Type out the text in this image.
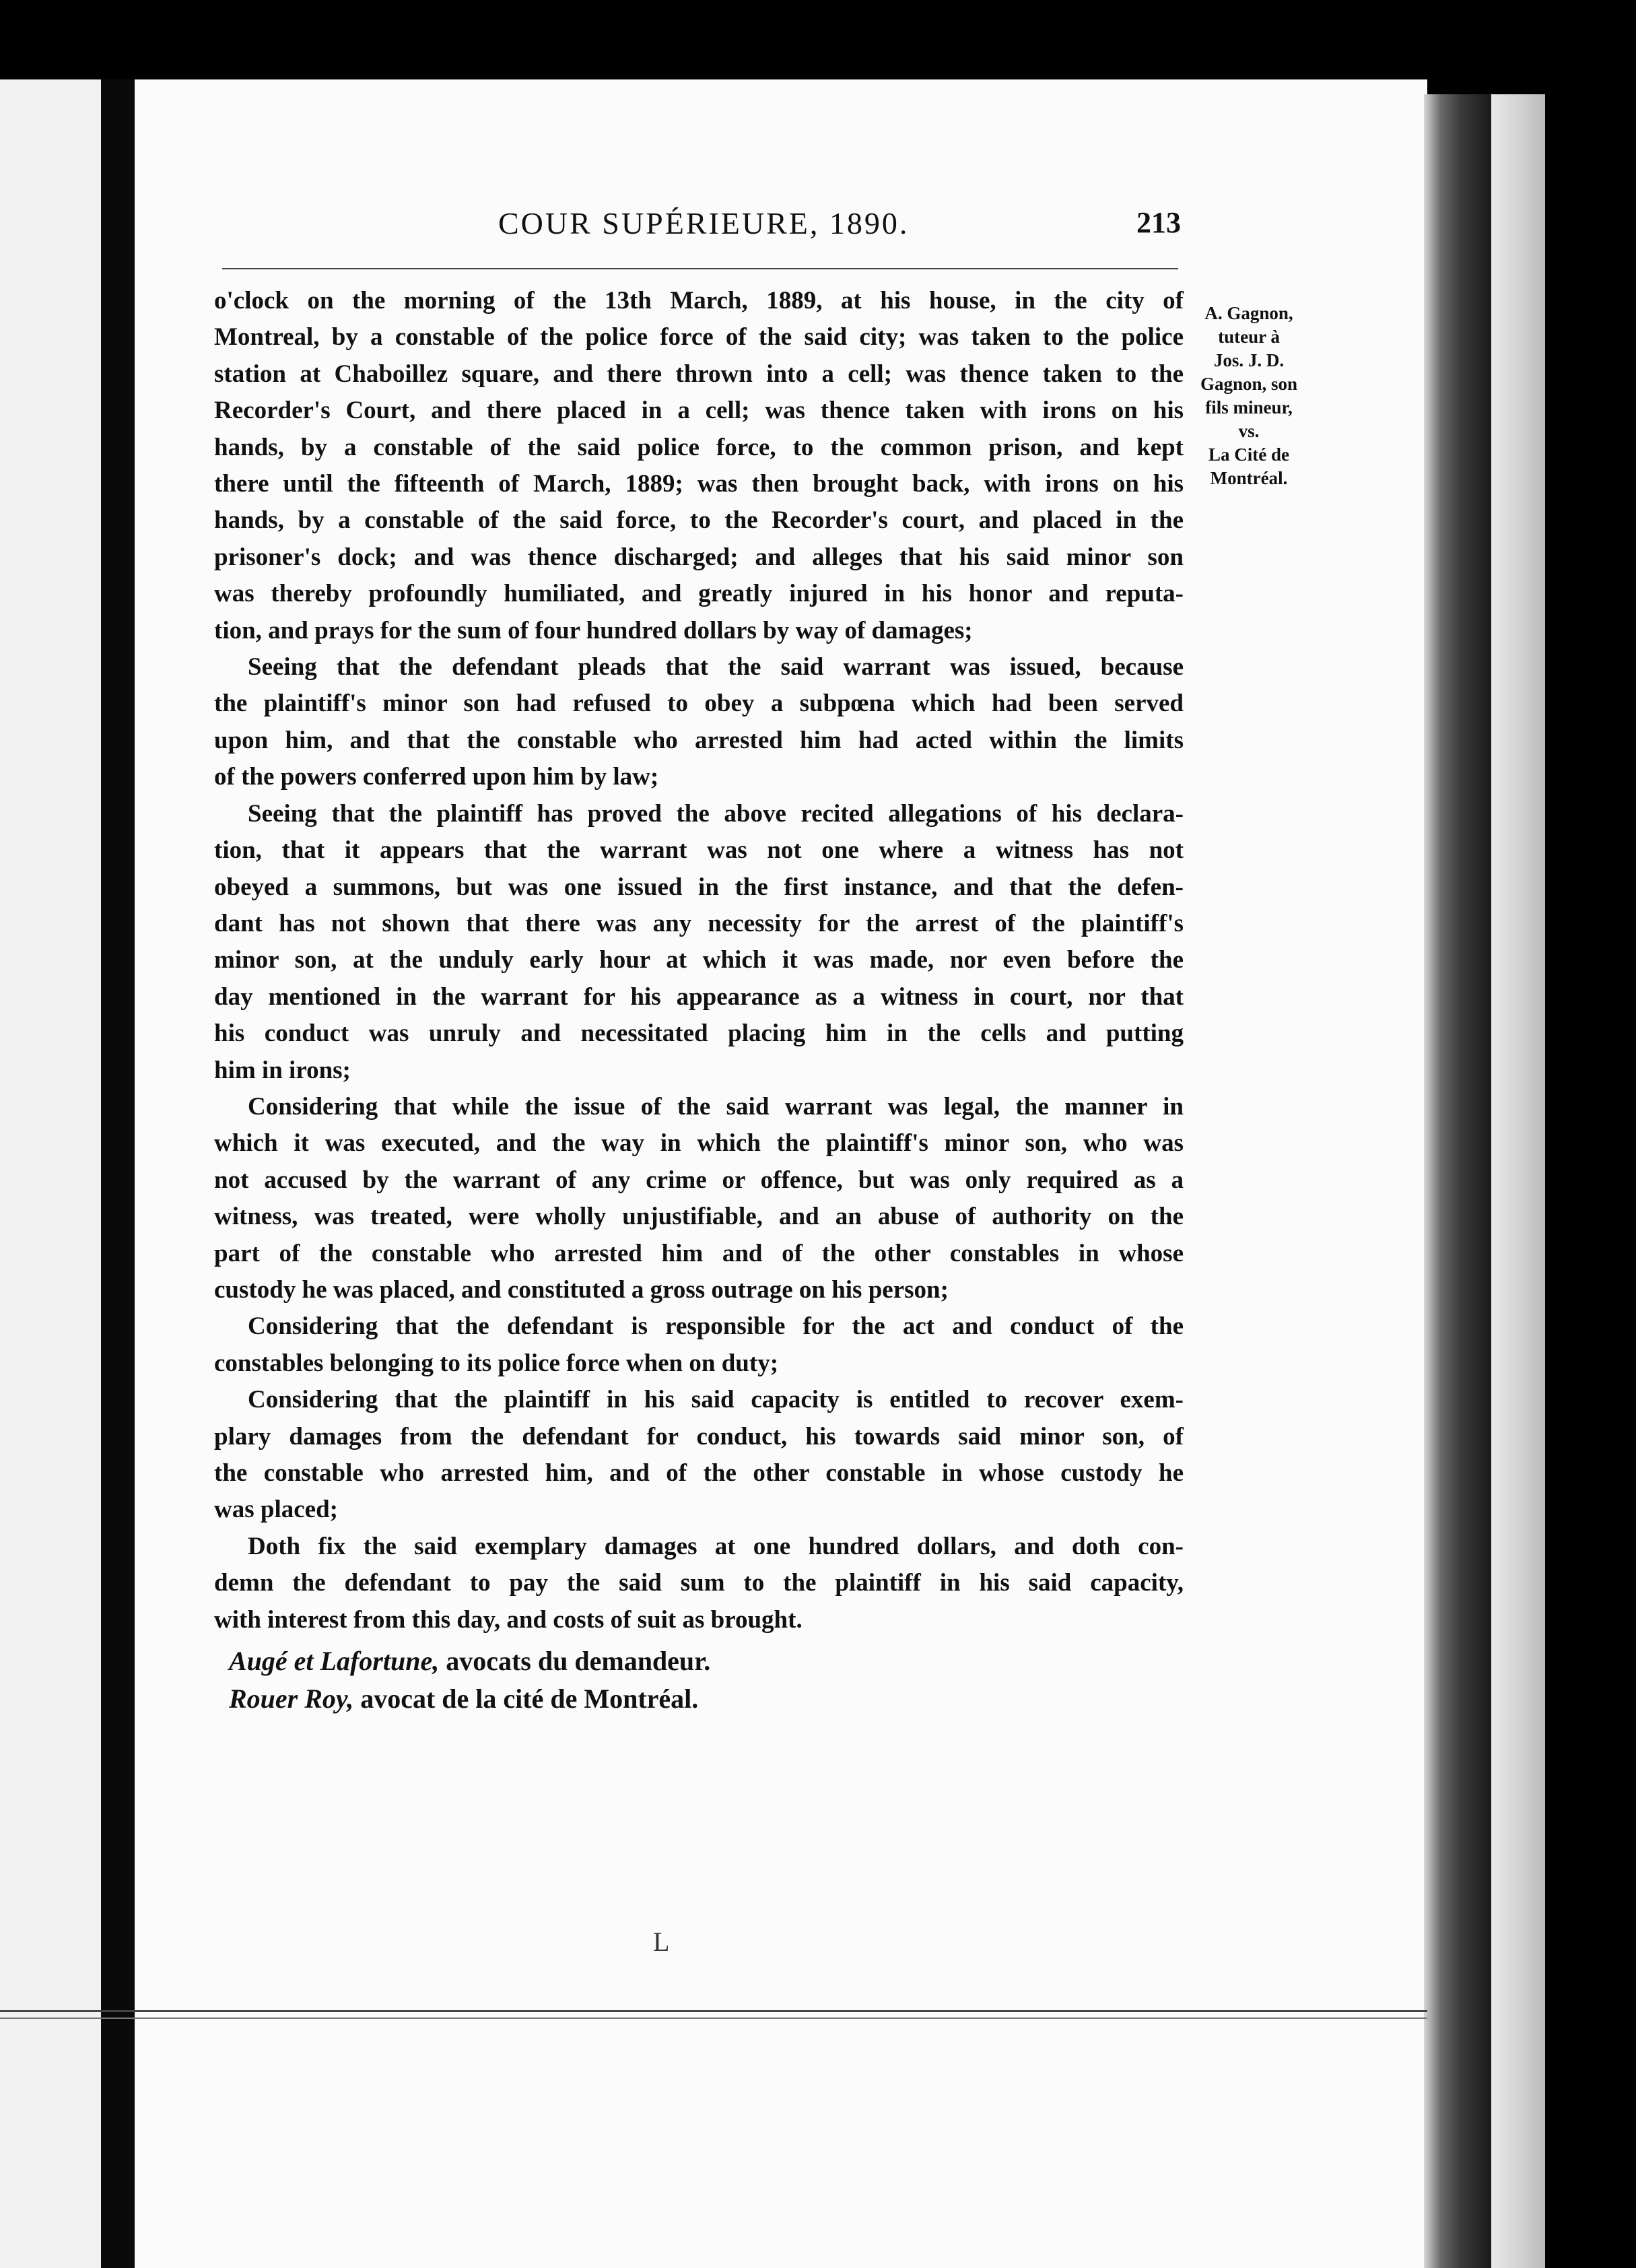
COUR SUPÉRIEURE, 1890.	213
o'clock on the morning of the 13th March, 1889, at his house, in the city of
Montreal, by a constable of the police force of the said city; was taken to the police
station at Chaboillez square, and there thrown into a cell; was thence taken to the
Recorder's Court, and there placed in a cell; was thence taken with irons on his
hands, by a constable of the said police force, to the common prison, and kept
there until the fifteenth of March, 1889; was then brought back, with irons on his
hands, by a constable of the said force, to the Recorder's court, and placed in the
prisoner's dock; and was thence discharged; and alleges that his said minor son
was thereby profoundly humiliated, and greatly injured in his honor and reputa-
tion, and prays for the sum of four hundred dollars by way of damages;
Seeing that the defendant pleads that the said warrant was issued, because
the plaintiff's minor son had refused to obey a subpœna which had been served
upon him, and that the constable who arrested him had acted within the limits
of the powers conferred upon him by law;
Seeing that the plaintiff has proved the above recited allegations of his declara-
tion, that it appears that the warrant was not one where a witness has not
obeyed a summons, but was one issued in the first instance, and that the defen-
dant has not shown that there was any necessity for the arrest of the plaintiff's
minor son, at the unduly early hour at which it was made, nor even before the
day mentioned in the warrant for his appearance as a witness in court, nor that
his conduct was unruly and necessitated placing him in the cells and putting
him in irons;
Considering that while the issue of the said warrant was legal, the manner in
which it was executed, and the way in which the plaintiff's minor son, who was
not accused by the warrant of any crime or offence, but was only required as a
witness, was treated, were wholly unjustifiable, and an abuse of authority on the
part of the constable who arrested him and of the other constables in whose
custody he was placed, and constituted a gross outrage on his person;
Considering that the defendant is responsible for the act and conduct of the
constables belonging to its police force when on duty;
Considering that the plaintiff in his said capacity is entitled to recover exem-
plary damages from the defendant for conduct, his towards said minor son, of
the constable who arrested him, and of the other constable in whose custody he
was placed;
Doth fix the said exemplary damages at one hundred dollars, and doth con-
demn the defendant to pay the said sum to the plaintiff in his said capacity,
with interest from this day, and costs of suit as brought.
Augé et Lafortune, avocats du demandeur.
Rouer Roy, avocat de la cité de Montréal.
A. Gagnon,
tuteur à
Jos. J. D.
Gagnon, son
fils mineur,
vs.
La Cité de
Montréal.
L
